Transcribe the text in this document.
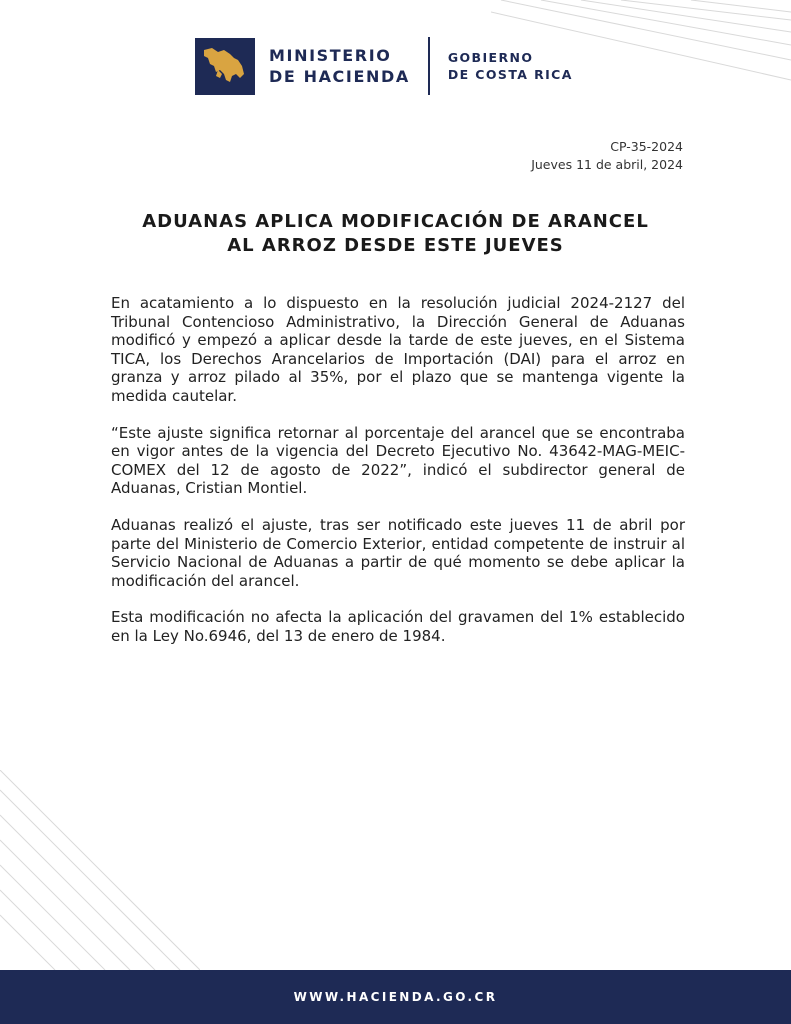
MINISTERIO
DE HACIENDA
GOBIERNO
DE COSTA RICA
CP-35-2024
Jueves 11 de abril, 2024
ADUANAS APLICA MODIFICACIÓN DE ARANCEL
AL ARROZ DESDE ESTE JUEVES

En acatamiento a lo dispuesto en la resolución judicial 2024-2127 del Tribunal Contencioso Administrativo, la Dirección General de Aduanas modificó y empezó a aplicar desde la tarde de este jueves, en el Sistema TICA, los Derechos Arancelarios de Importación (DAI) para el arroz en granza y arroz pilado al 35%, por el plazo que se mantenga vigente la medida cautelar.

“Este ajuste significa retornar al porcentaje del arancel que se encontraba en vigor antes de la vigencia del Decreto Ejecutivo No. 43642-MAG-MEIC-COMEX del 12 de agosto de 2022”, indicó el subdirector general de Aduanas, Cristian Montiel.

Aduanas realizó el ajuste, tras ser notificado este jueves 11 de abril por parte del Ministerio de Comercio Exterior, entidad competente de instruir al Servicio Nacional de Aduanas a partir de qué momento se debe aplicar la modificación del arancel.

Esta modificación no afecta la aplicación del gravamen del 1% establecido en la Ley No.6946, del 13 de enero de 1984.

WWW.HACIENDA.GO.CR
